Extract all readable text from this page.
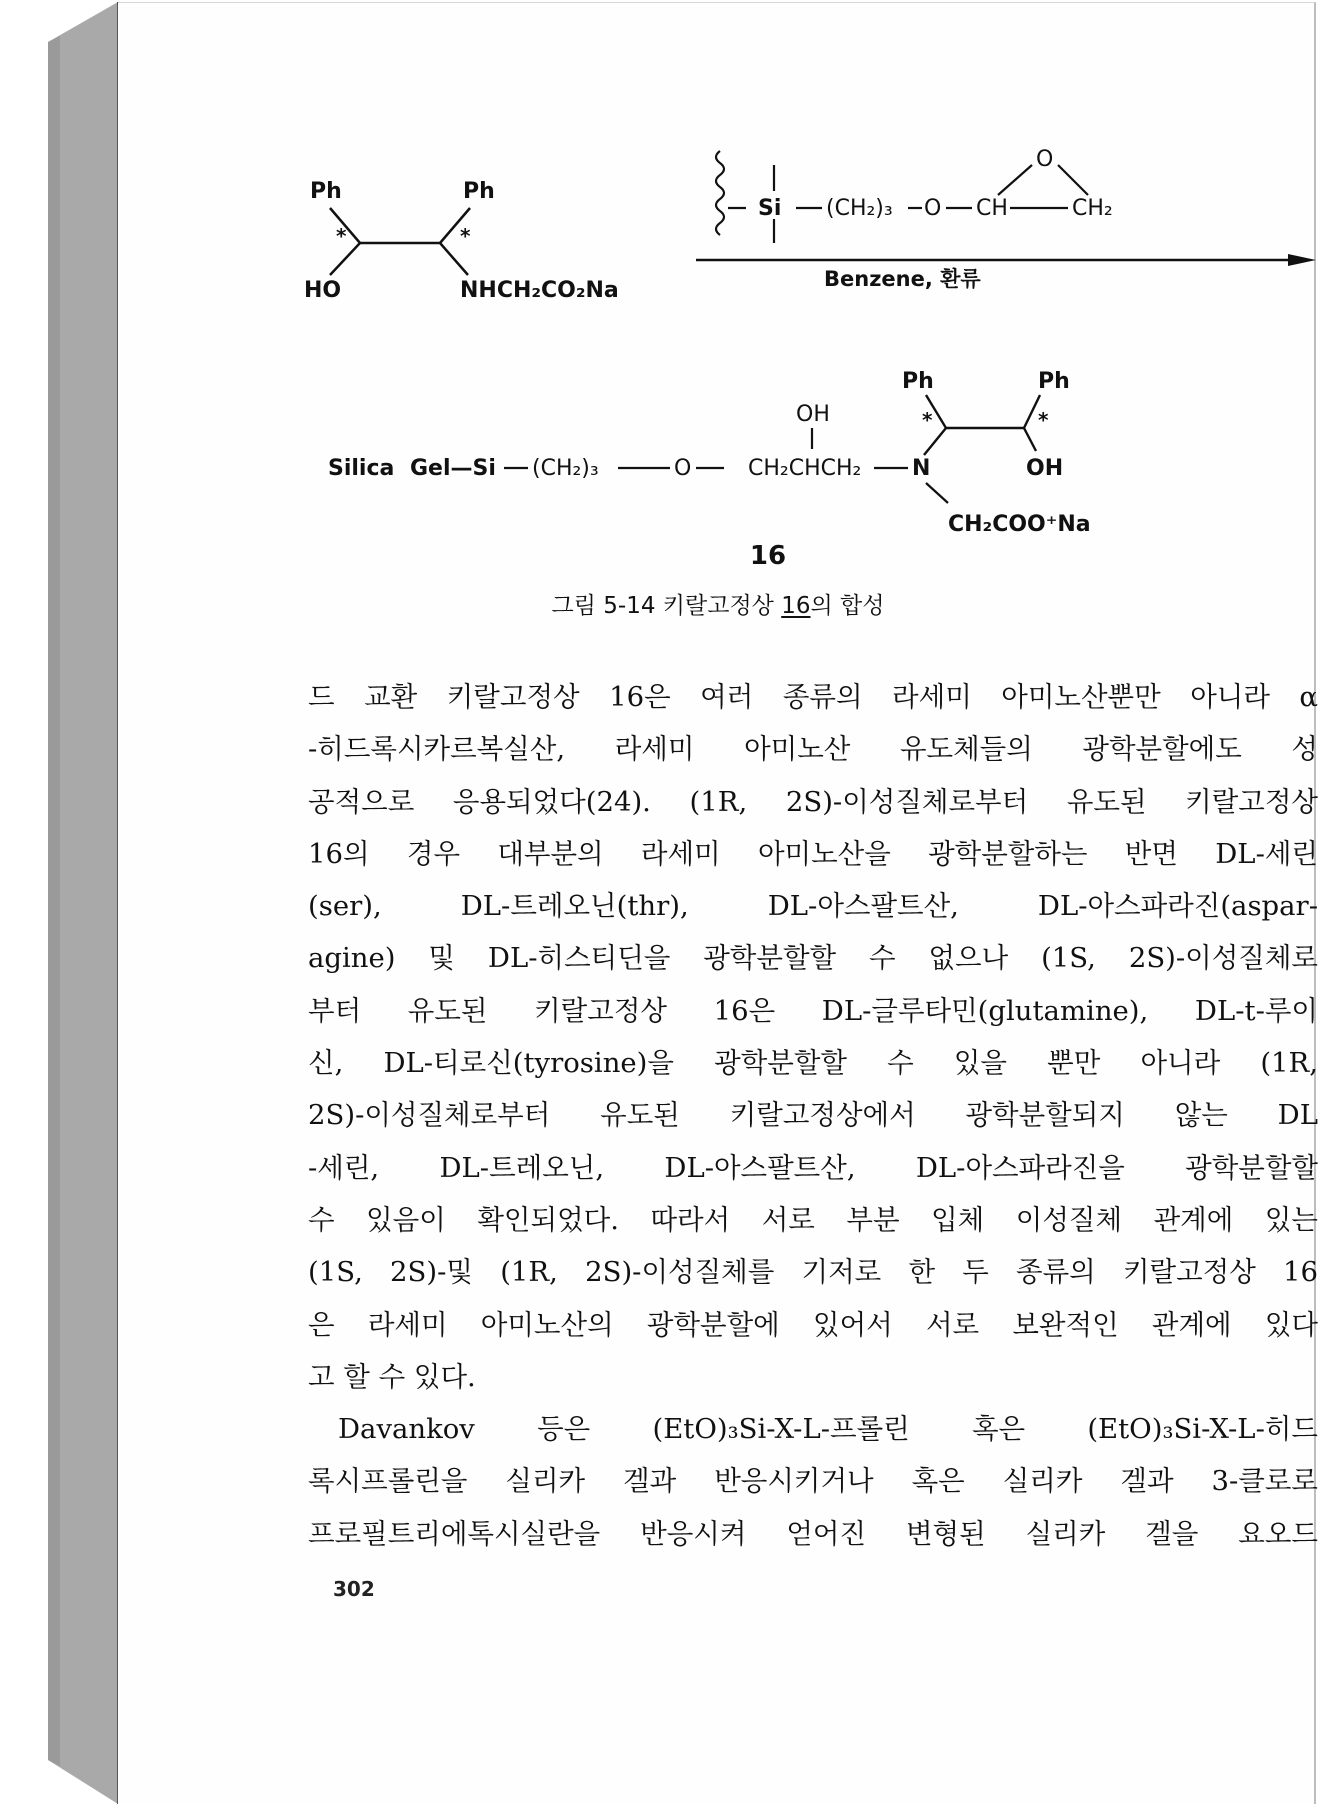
Ph	Ph
*	*
HO	NHCH₂CO₂Na
Si (CH₂)₃ O CH	CH₂
O
Benzene, 환류
Silica Gel—Si (CH₂)₃	O	CH₂CHCH₂
OH
N
Ph	Ph
*	*
OH
CH₂COO⁺Na
16
그림 5-14 키랄고정상 16의 합성
드 교환 키랄고정상 16은 여러 종류의 라세미 아미노산뿐만 아니라 α
-히드록시카르복실산, 라세미 아미노산 유도체들의 광학분할에도 성
공적으로 응용되었다(24). (1R, 2S)-이성질체로부터 유도된 키랄고정상
16의 경우 대부분의 라세미 아미노산을 광학분할하는 반면 DL-세린
(ser), DL-트레오닌(thr), DL-아스팔트산, DL-아스파라진(aspar-
agine) 및 DL-히스티딘을 광학분할할 수 없으나 (1S, 2S)-이성질체로
부터 유도된 키랄고정상 16은 DL-글루타민(glutamine), DL-t-루이
신, DL-티로신(tyrosine)을 광학분할할 수 있을 뿐만 아니라 (1R,
2S)-이성질체로부터 유도된 키랄고정상에서 광학분할되지 않는 DL
-세린, DL-트레오닌, DL-아스팔트산, DL-아스파라진을 광학분할할
수 있음이 확인되었다. 따라서 서로 부분 입체 이성질체 관계에 있는
(1S, 2S)-및 (1R, 2S)-이성질체를 기저로 한 두 종류의 키랄고정상 16
은 라세미 아미노산의 광학분할에 있어서 서로 보완적인 관계에 있다
고 할 수 있다.
Davankov 등은 (EtO)₃Si-X-L-프롤린 혹은 (EtO)₃Si-X-L-히드
록시프롤린을 실리카 겔과 반응시키거나 혹은 실리카 겔과 3-클로로
프로필트리에톡시실란을 반응시켜 얻어진 변형된 실리카 겔을 요오드
302
